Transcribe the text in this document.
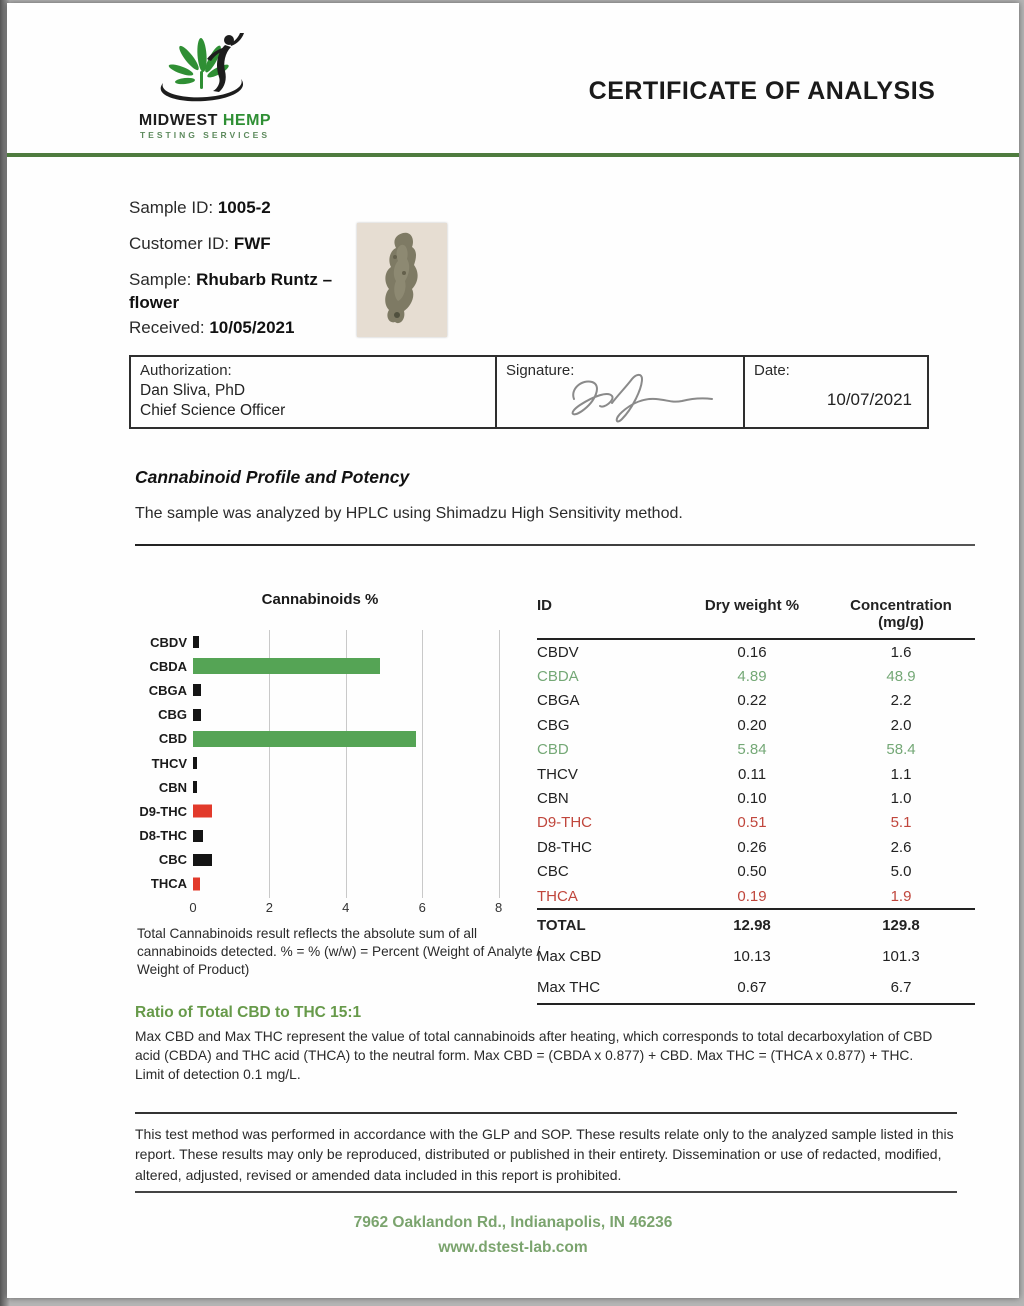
MIDWEST HEMP
TESTING SERVICES
CERTIFICATE OF ANALYSIS

Sample ID: 1005-2

Customer ID: FWF

Sample: Rhubarb Runtz – flower

Received: 10/05/2021

Authorization:
Dan Sliva, PhD
Chief Science Officer
Signature:	Date:
10/07/2021
Cannabinoid Profile and Potency
The sample was analyzed by HPLC using Shimadzu High Sensitivity method.
Cannabinoids %
CBDV
CBDA
CBGA
CBG
CBD
THCV
CBN
D9-THC
D8-THC
CBC
THCA
0	2	4	6	8
Total Cannabinoids result reflects the absolute sum of all cannabinoids detected. % = % (w/w) = Percent (Weight of Analyte / Weight of Product)
ID	Dry weight %	Concentration (mg/g)
CBDV	0.16	1.6
CBDA	4.89	48.9
CBGA	0.22	2.2
CBG	0.20	2.0
CBD	5.84	58.4
THCV	0.11	1.1
CBN	0.10	1.0
D9-THC	0.51	5.1
D8-THC	0.26	2.6
CBC	0.50	5.0
THCA	0.19	1.9
TOTAL	12.98	129.8
Max CBD	10.13	101.3
Max THC	0.67	6.7
Ratio of Total CBD to THC 15:1
Max CBD and Max THC represent the value of total cannabinoids after heating, which corresponds to total decarboxylation of CBD acid (CBDA) and THC acid (THCA) to the neutral form. Max CBD = (CBDA x 0.877) + CBD. Max THC = (THCA x 0.877) + THC. Limit of detection 0.1 mg/L.
This test method was performed in accordance with the GLP and SOP. These results relate only to the analyzed sample listed in this report. These results may only be reproduced, distributed or published in their entirety. Dissemination or use of redacted, modified, altered, adjusted, revised or amended data included in this report is prohibited.
7962 Oaklandon Rd., Indianapolis, IN 46236
www.dstest-lab.com
